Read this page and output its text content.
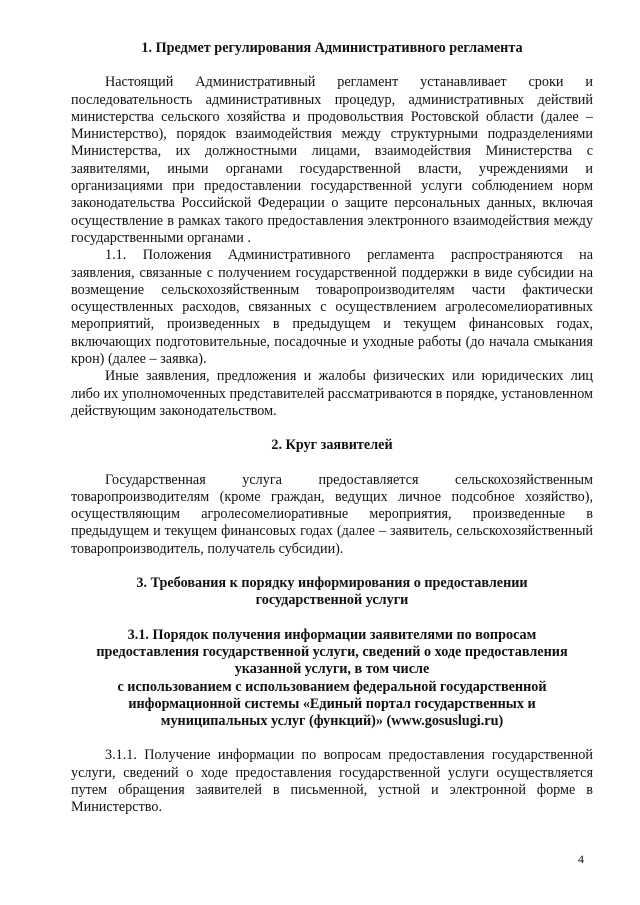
1. Предмет регулирования Административного регламента

Настоящий Административный регламент устанавливает сроки и последовательность административных процедур, административных действий министерства сельского хозяйства и продовольствия Ростовской области (далее – Министерство), порядок взаимодействия между структурными подразделениями Министерства, их должностными лицами, взаимодействия Министерства с заявителями, иными органами государственной власти, учреждениями и организациями при предоставлении государственной услуги соблюдением норм законодательства Российской Федерации о защите персональных данных, включая осуществление в рамках такого предоставления электронного взаимодействия между государственными органами .

1.1. Положения Административного регламента распространяются на заявления, связанные с получением государственной поддержки в виде субсидии на возмещение сельскохозяйственным товаропроизводителям части фактически осуществленных расходов, связанных с осуществлением агролесомелиоративных мероприятий, произведенных в предыдущем и текущем финансовых годах, включающих подготовительные, посадочные и уходные работы (до начала смыкания крон) (далее – заявка).

Иные заявления, предложения и жалобы физических или юридических лиц либо их уполномоченных представителей рассматриваются в порядке, установленном действующим законодательством.

2. Круг заявителей

Государственная услуга предоставляется сельскохозяйственным товаропроизводителям (кроме граждан, ведущих личное подсобное хозяйство), осуществляющим агролесомелиоративные мероприятия, произведенные в предыдущем и текущем финансовых годах (далее – заявитель, сельскохозяйственный товаропроизводитель, получатель субсидии).

3. Требования к порядку информирования о предоставлении
государственной услуги
3.1. Порядок получения информации заявителями по вопросам
предоставления государственной услуги, сведений о ходе предоставления
указанной услуги, в том числе
с использованием с использованием федеральной государственной
информационной системы «Единый портал государственных и
муниципальных услуг (функций)» (www.gosuslugi.ru)

3.1.1. Получение информации по вопросам предоставления государственной услуги, сведений о ходе предоставления государственной услуги осуществляется путем обращения заявителей в письменной, устной и электронной форме в Министерство.

4
